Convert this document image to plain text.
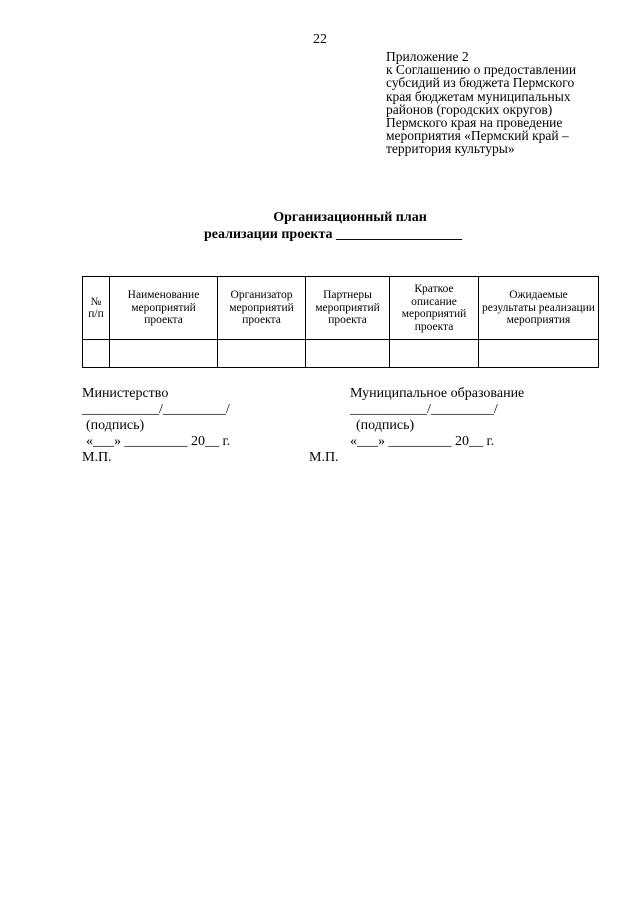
22
Приложение 2
к Соглашению о предоставлении
субсидий из бюджета Пермского
края бюджетам муниципальных
районов (городских округов)
Пермского края на проведение
мероприятия «Пермский край –
территория культуры»
Организационный план
реализации проекта __________________
№ п/п	Наименование мероприятий проекта	Организатор мероприятий проекта	Партнеры мероприятий проекта	Краткое описание мероприятий проекта	Ожидаемые результаты реализации мероприятия

Министерство
___________/_________/
(подпись)
«___» _________ 20__ г.
М.П.
Муниципальное образование
___________/_________/
(подпись)
«___» _________ 20__ г.
М.П.
